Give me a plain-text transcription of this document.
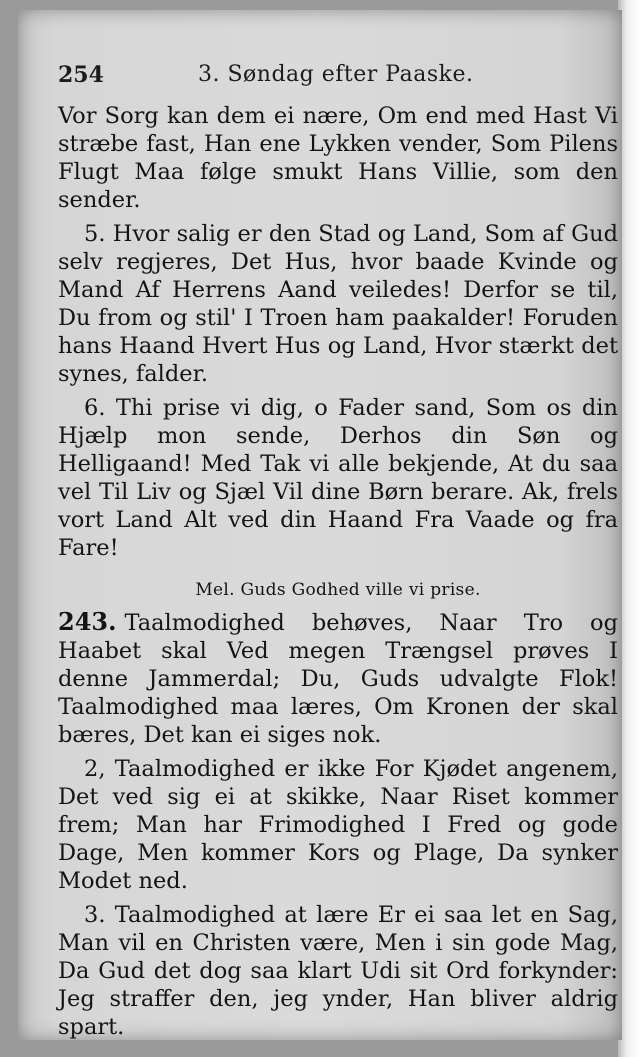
254	3. Søndag efter Paaske.

Vor Sorg kan dem ei nære, Om end med Hast Vi stræbe fast, Han ene Lykken vender, Som Pilens Flugt Maa følge smukt Hans Villie, som den sender.

5. Hvor salig er den Stad og Land, Som af Gud selv regjeres, Det Hus, hvor baade Kvinde og Mand Af Herrens Aand veiledes! Derfor se til, Du from og stil' I Troen ham paakalder! Foruden hans Haand Hvert Hus og Land, Hvor stærkt det synes, falder.

6. Thi prise vi dig, o Fader sand, Som os din Hjælp mon sende, Derhos din Søn og Helligaand! Med Tak vi alle bekjende, At du saa vel Til Liv og Sjæl Vil dine Børn berare. Ak, frels vort Land Alt ved din Haand Fra Vaade og fra Fare!

Mel. Guds Godhed ville vi prise.

243. Taalmodighed behøves, Naar Tro og Haabet skal Ved megen Trængsel prøves I denne Jammerdal; Du, Guds udvalgte Flok! Taalmodighed maa læres, Om Kronen der skal bæres, Det kan ei siges nok.

2, Taalmodighed er ikke For Kjødet angenem, Det ved sig ei at skikke, Naar Riset kommer frem; Man har Frimodighed I Fred og gode Dage, Men kommer Kors og Plage, Da synker Modet ned.

3. Taalmodighed at lære Er ei saa let en Sag, Man vil en Christen være, Men i sin gode Mag, Da Gud det dog saa klart Udi sit Ord forkynder: Jeg straffer den, jeg ynder, Han bliver aldrig spart.
